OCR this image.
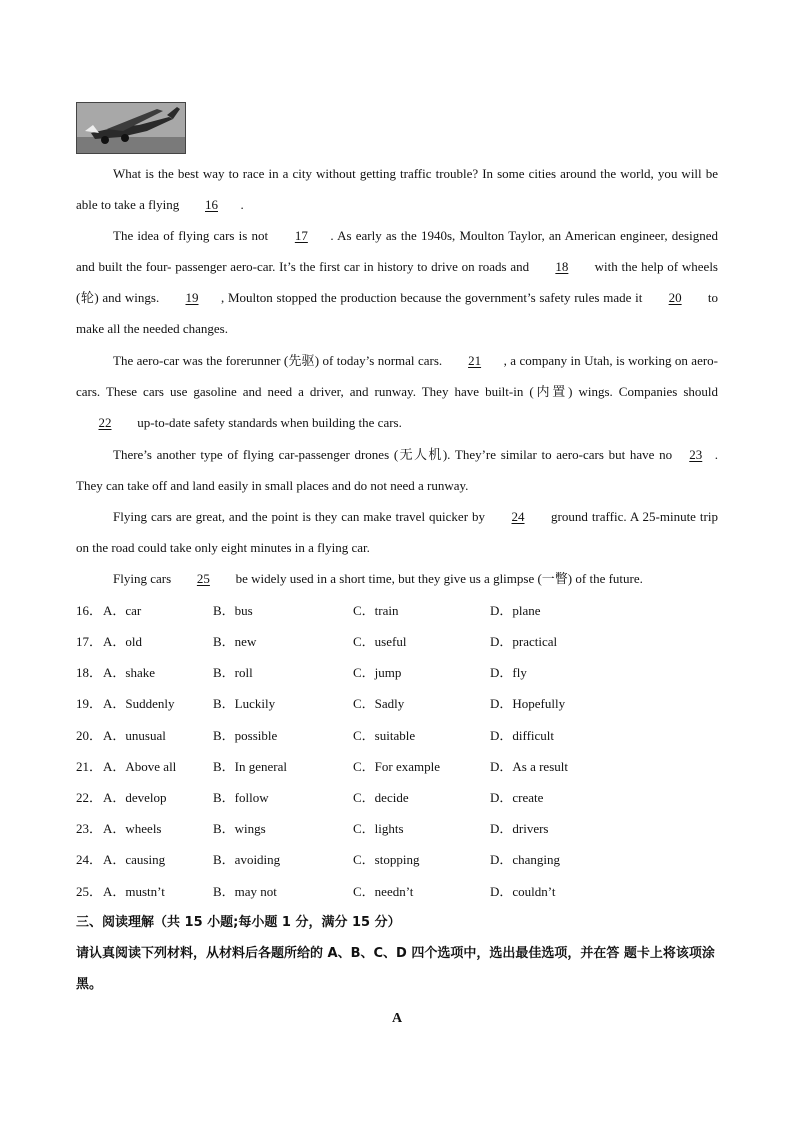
What is the best way to race in a city without getting traffic trouble? In some cities around the world, you will be able to take a flying 16 .

The idea of flying cars is not 17 . As early as the 1940s, Moulton Taylor, an American engineer, designed and built the four- passenger aero-car. It’s the first car in history to drive on roads and 18 with the help of wheels (轮) and wings. 19 , Moulton stopped the production because the government’s safety rules made it 20 to make all the needed changes.

The aero-car was the forerunner (先驱) of today’s normal cars. 21 , a company in Utah, is working on aero-cars. These cars use gasoline and need a driver, and runway. They have built-in (内置) wings. Companies should 22 up-to-date safety standards when building the cars.

There’s another type of flying car-passenger drones (无人机). They’re similar to aero-cars but have no 23 . They can take off and land easily in small places and do not need a runway.

Flying cars are great, and the point is they can make travel quicker by 24 ground traffic. A 25-minute trip on the road could take only eight minutes in a flying car.

Flying cars 25 be widely used in a short time, but they give us a glimpse (一瞥) of the future.

16． A．car	B．bus	C．train	D．plane
17． A．old	B．new	C．useful	D．practical
18． A．shake	B．roll	C．jump	D．fly
19． A．Suddenly	B．Luckily	C．Sadly	D．Hopefully
20． A．unusual	B．possible	C．suitable	D．difficult
21． A．Above all	B．In general	C．For example	D．As a result
22． A．develop	B．follow	C．decide	D．create
23． A．wheels	B．wings	C．lights	D．drivers
24． A．causing	B．avoiding	C．stopping	D．changing
25． A．mustn’t	B．may not	C．needn’t	D．couldn’t
三、阅读理解（共 15 小题;每小题 1 分，满分 15 分）
请认真阅读下列材料，从材料后各题所给的 A、B、C、D 四个选项中，选出最佳选项，并在答 题卡上将该项涂黑。
A
